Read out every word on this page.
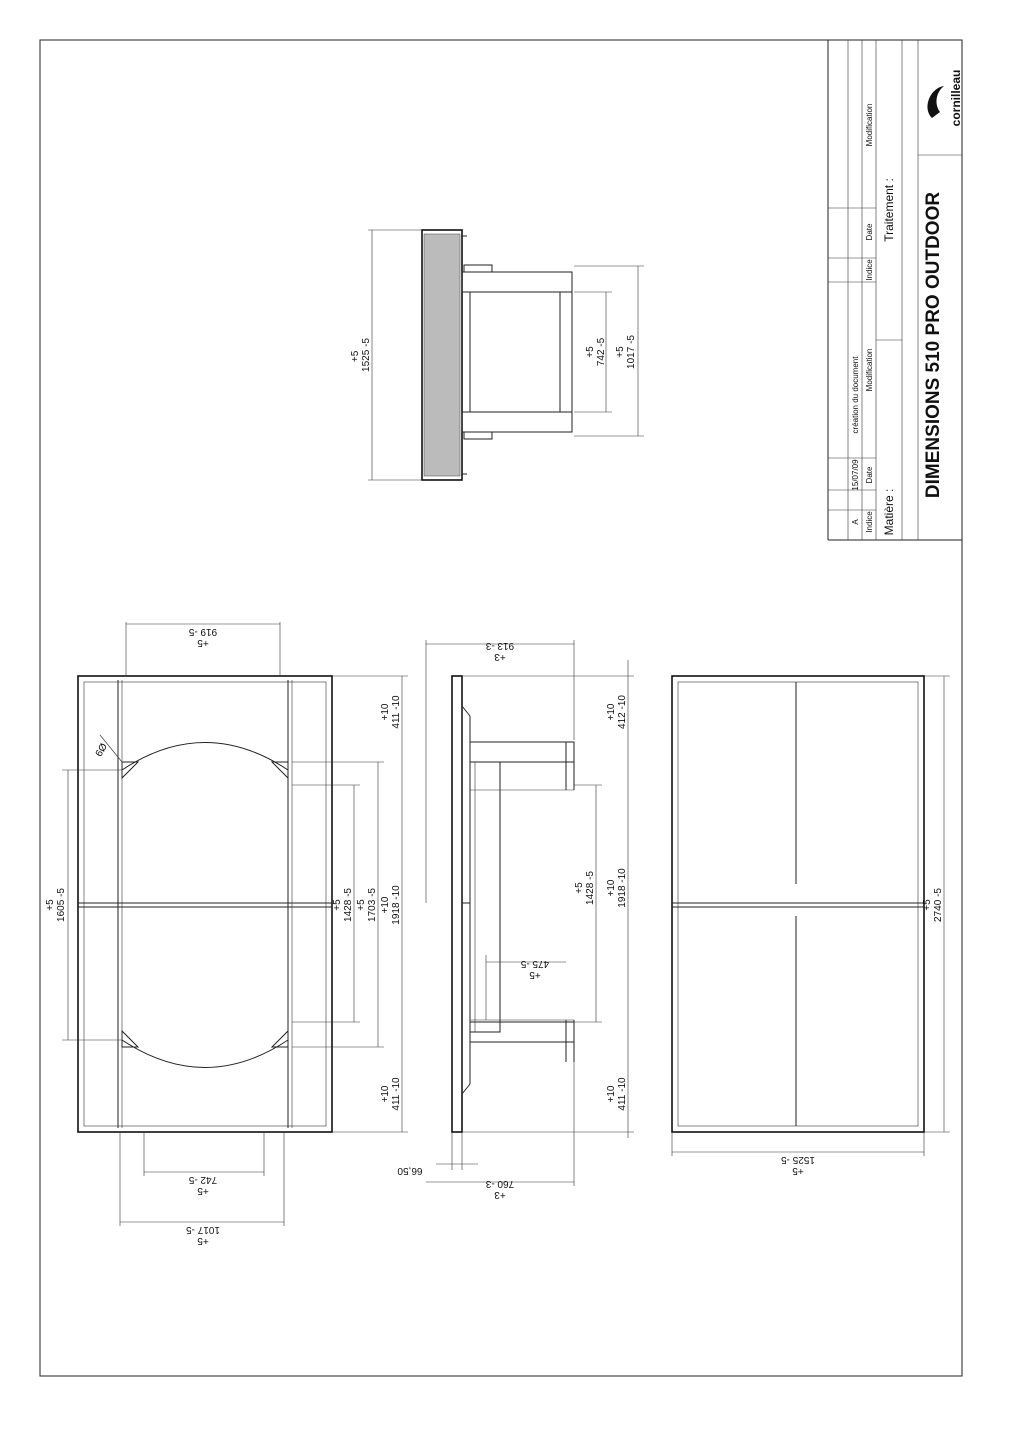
A
15/07/09
création du document
Indice
Date
Modification
Indice
Date
Modification
Matière :
Traitement : DIMENSIONS 510 PRO OUTDOOR
cornilleau
+5 1525 -5	+5742 -5 +51017 -5
+5919 -5
Ø9
+51605 -5	+51428 -5 +51703 -5 +101918 -10
+10411 -10
+10411 -10
+5742 -5
+51017 -5
+3913 -3
+51428 -5 +101918 -10
+10412 -10
+10411 -10
+5475 -5
66,50
+3760 -3
+52740 -5
+51525 -5
